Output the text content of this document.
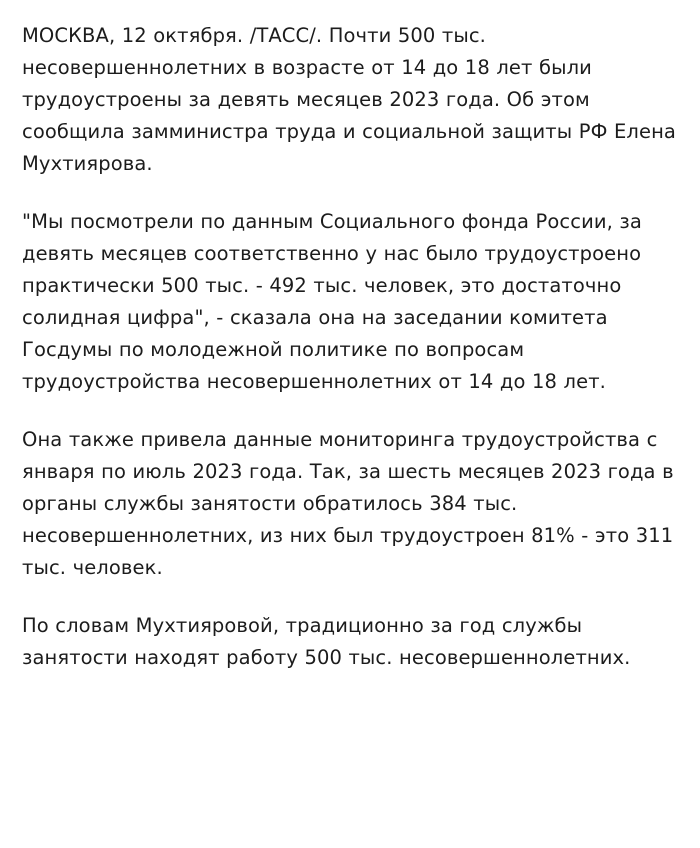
МОСКВА, 12 октября. /ТАСС/. Почти 500 тыс. несовершеннолетних в возрасте от 14 до 18 лет были трудоустроены за девять месяцев 2023 года. Об этом сообщила замминистра труда и социальной защиты РФ Елена Мухтиярова.

"Мы посмотрели по данным Социального фонда России, за девять месяцев соответственно у нас было трудоустроено практически 500 тыс. - 492 тыс. человек, это достаточно солидная цифра", - сказала она на заседании комитета Госдумы по молодежной политике по вопросам трудоустройства несовершеннолетних от 14 до 18 лет.

Она также привела данные мониторинга трудоустройства с января по июль 2023 года. Так, за шесть месяцев 2023 года в органы службы занятости обратилось 384 тыс. несовершеннолетних, из них был трудоустроен 81% - это 311 тыс. человек.

По словам Мухтияровой, традиционно за год службы занятости находят работу 500 тыс. несовершеннолетних.
